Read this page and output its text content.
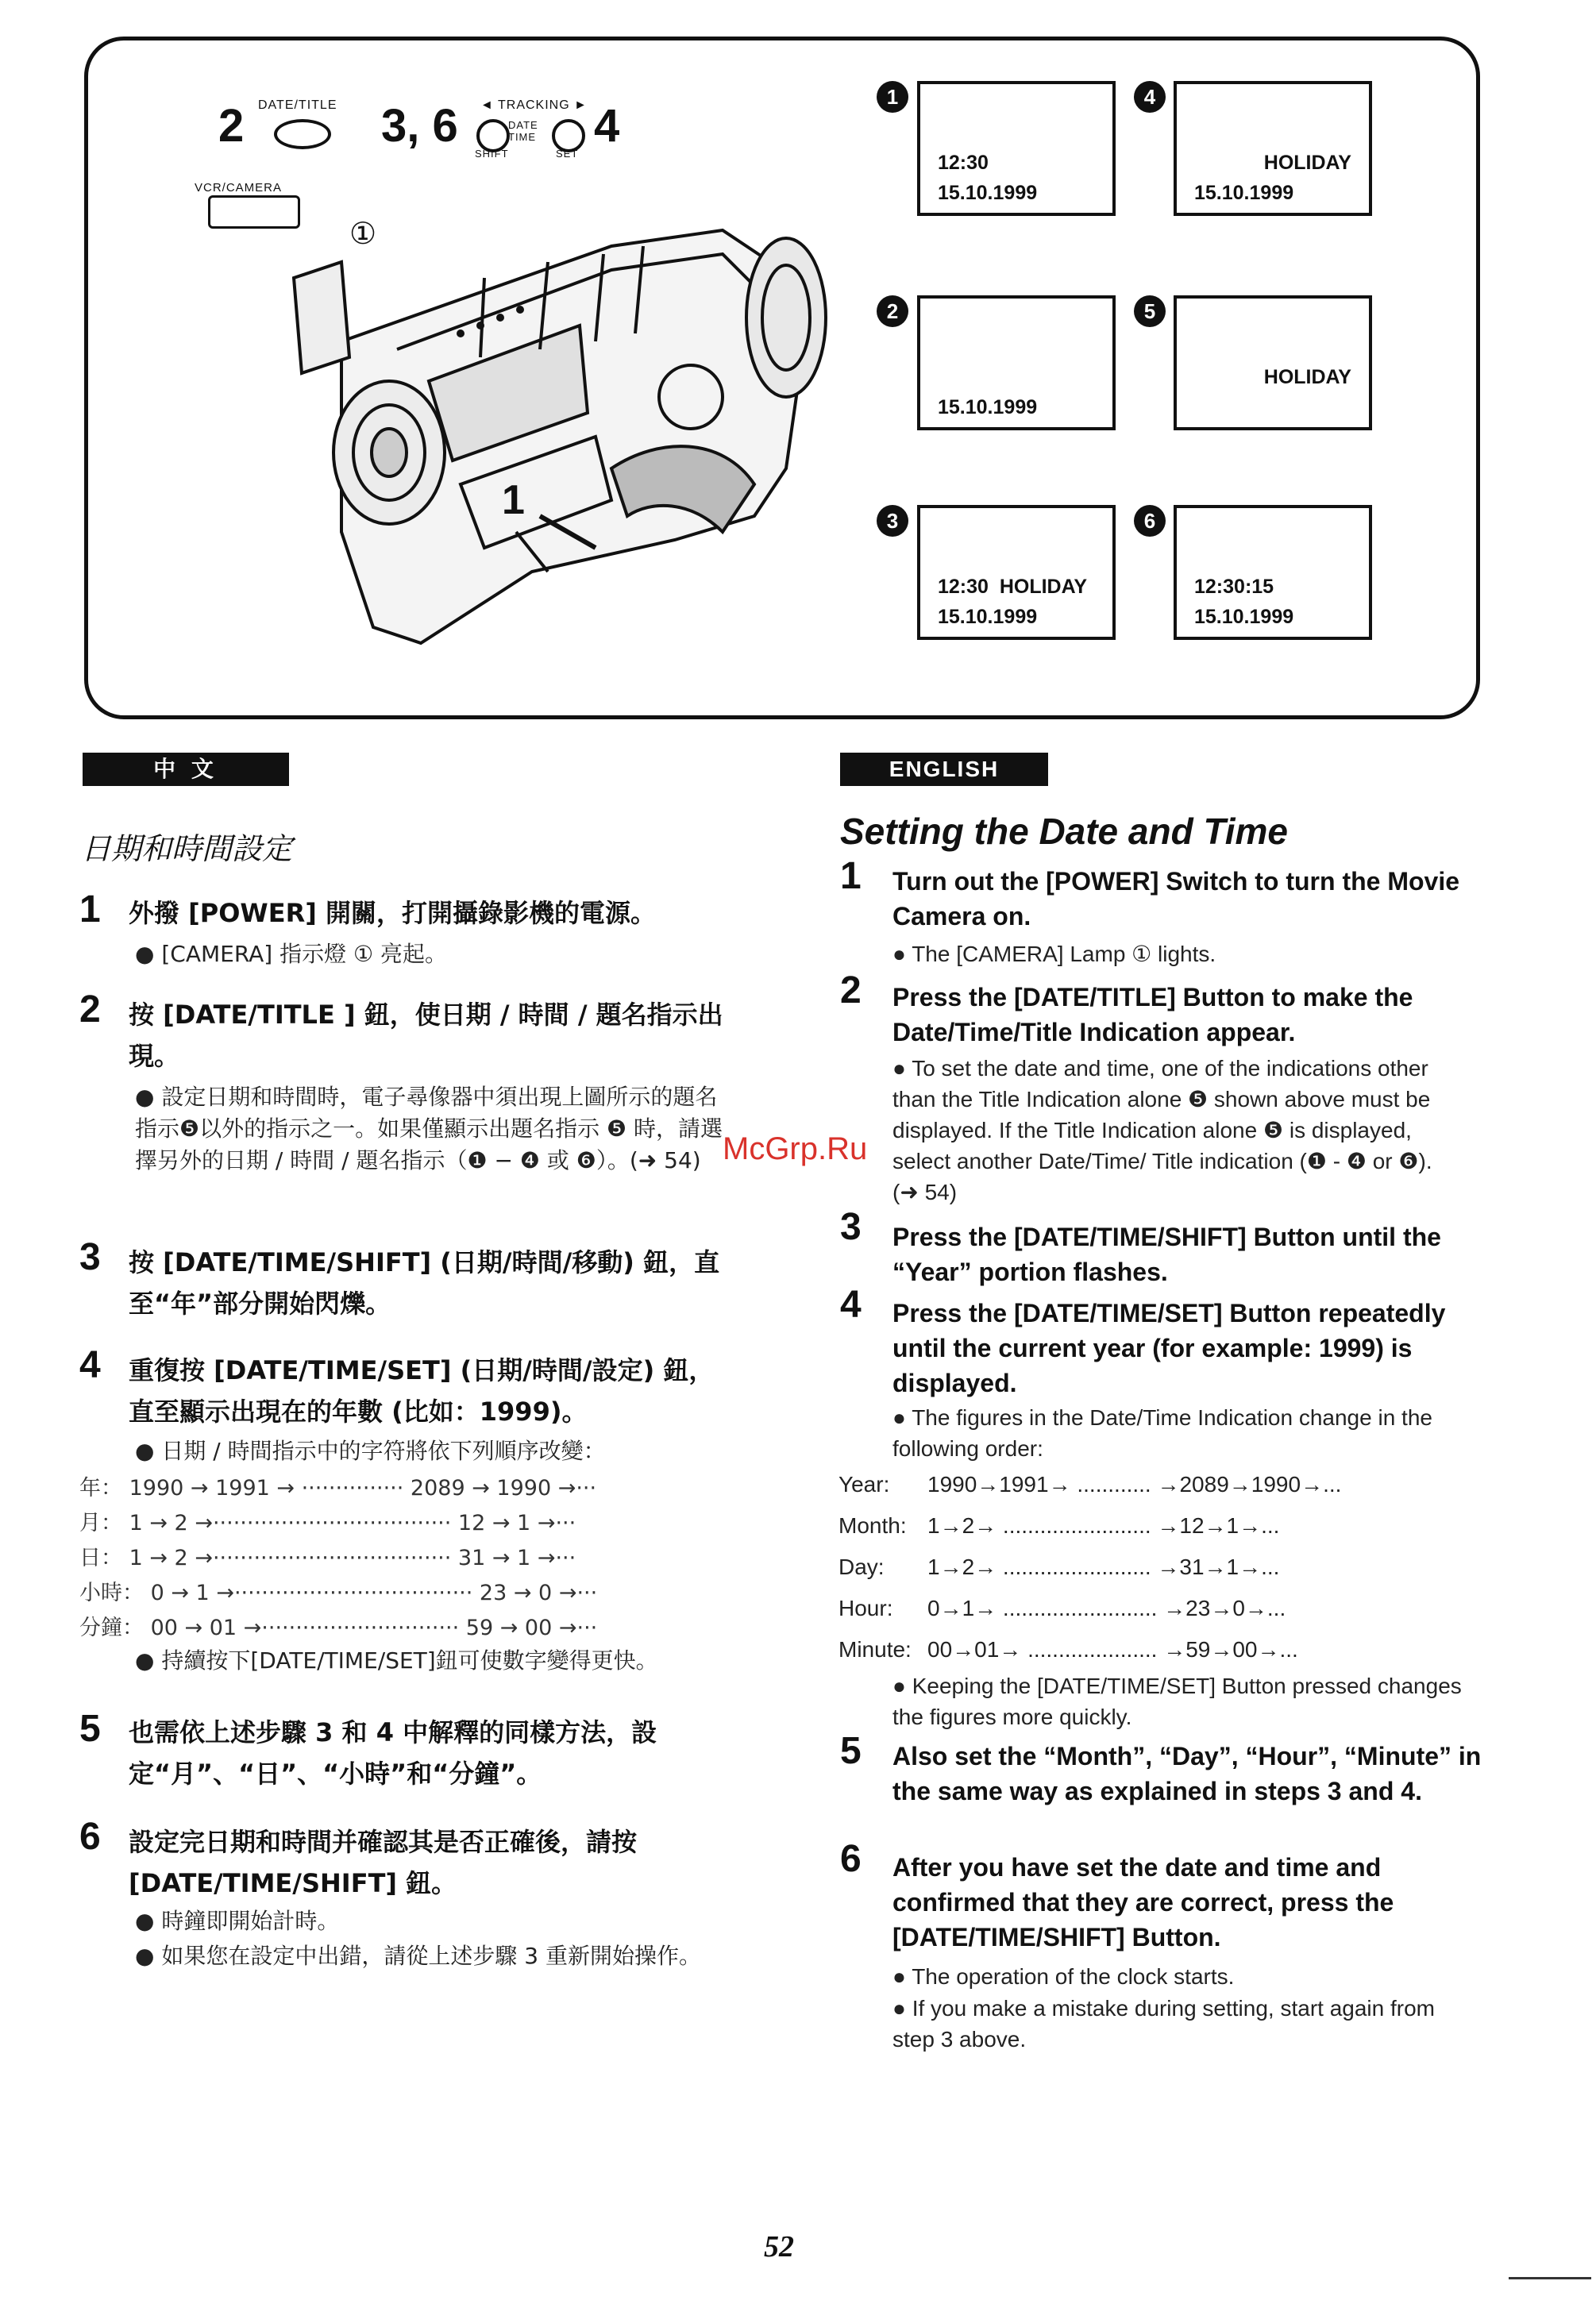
2 DATE/TITLE 3, 6 ◄ TRACKING ►
DATE TIME
SHIFT	SET
4
VCR/CAMERA
①
1
1
12:30
15.10.1999
2
15.10.1999
3
12:30  HOLIDAY
15.10.1999
4
HOLIDAY
15.10.1999
5
HOLIDAY
6
12:30:15
15.10.1999
中 文
日期和時間設定
1 外撥 [POWER] 開關，打開攝錄影機的電源。
● [CAMERA] 指示燈 ① 亮起。
2 按 [DATE/TITLE ] 鈕，使日期 / 時間 / 題名指示出現。
● 設定日期和時間時，電子尋像器中須出現上圖所示的題名指示❺以外的指示之一。如果僅顯示出題名指示 ❺ 時，請選擇另外的日期 / 時間 / 題名指示（❶ − ❹ 或 ❻）。(➜ 54)
3 按 [DATE/TIME/SHIFT] (日期/時間/移動) 鈕，直至“年”部分開始閃爍。
4 重復按 [DATE/TIME/SET] (日期/時間/設定) 鈕，直至顯示出現在的年數 (比如：1999)。
● 日期 / 時間指示中的字符將依下列順序改變：
年： 1990 → 1991 → ··············· 2089 → 1990 →···
月： 1 → 2 →··································· 12 → 1 →···
日： 1 → 2 →··································· 31 → 1 →···
小時： 0 → 1 →··································· 23 → 0 →···
分鐘： 00 → 01 →····························· 59 → 00 →···
● 持續按下[DATE/TIME/SET]鈕可使數字變得更快。
5 也需依上述步驟 3 和 4 中解釋的同樣方法，設定“月”、“日”、“小時”和“分鐘”。
6 設定完日期和時間并確認其是否正確後，請按 [DATE/TIME/SHIFT] 鈕。
● 時鐘即開始計時。
● 如果您在設定中出錯，請從上述步驟 3 重新開始操作。
McGrp.Ru
ENGLISH
Setting the Date and Time
1 Turn out the [POWER] Switch to turn the Movie Camera on.
● The [CAMERA] Lamp ① lights.
2 Press the [DATE/TITLE] Button to make the Date/Time/Title Indication appear.
● To set the date and time, one of the indications other than the Title Indication alone ❺ shown above must be displayed. If the Title Indication alone ❺ is displayed, select another Date/Time/ Title indication (❶ - ❹ or ❻). (➜ 54)
3 Press the [DATE/TIME/SHIFT] Button until the “Year” portion flashes.
4 Press the [DATE/TIME/SET] Button repeatedly until the current year (for example: 1999) is displayed.
● The figures in the Date/Time Indication change in the following order:
Year: 1990→1991→ ............ →2089→1990→...
Month: 1→2→ ........................ →12→1→...
Day: 1→2→ ........................ →31→1→...
Hour: 0→1→ ......................... →23→0→...
Minute: 00→01→ ..................... →59→00→...
● Keeping the [DATE/TIME/SET] Button pressed changes the figures more quickly.
5 Also set the “Month”, “Day”, “Hour”, “Minute” in the same way as explained in steps 3 and 4.
6 After you have set the date and time and confirmed that they are correct, press the [DATE/TIME/SHIFT] Button.
● The operation of the clock starts.
● If you make a mistake during setting, start again from step 3 above.
52
